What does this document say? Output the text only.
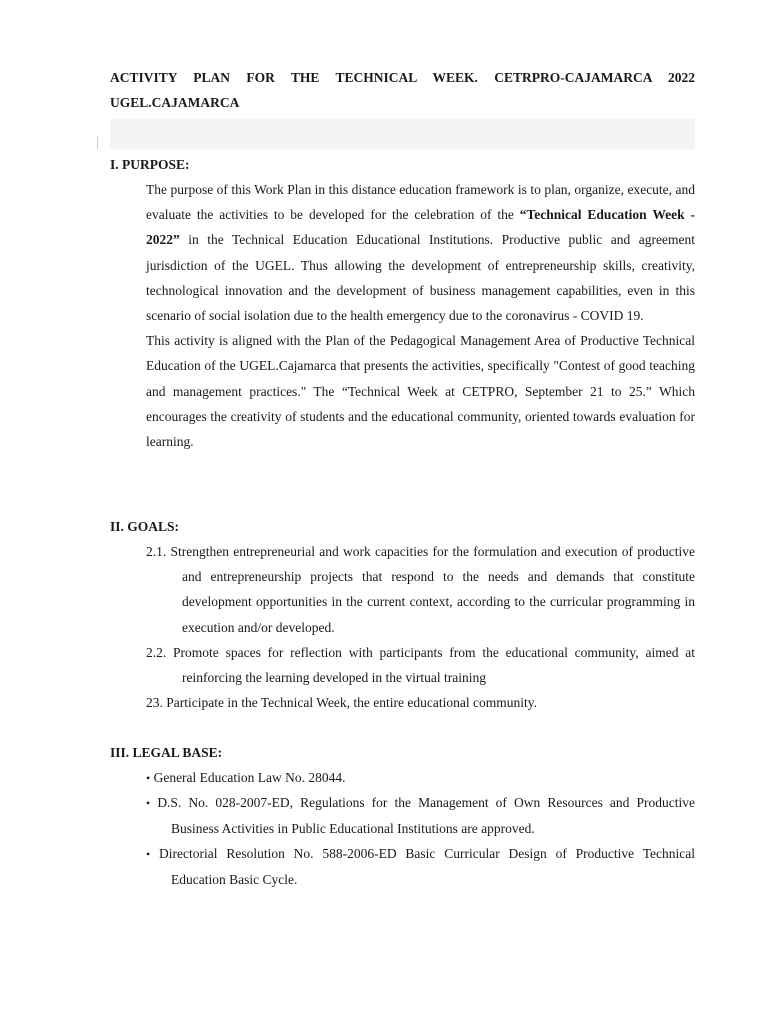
ACTIVITY PLAN FOR THE TECHNICAL WEEK. CETRPRO-CAJAMARCA 2022
UGEL.CAJAMARCA
I. PURPOSE:

The purpose of this Work Plan in this distance education framework is to plan, organize, execute, and evaluate the activities to be developed for the celebration of the “Technical Education Week - 2022” in the Technical Education Educational Institutions. Productive public and agreement jurisdiction of the UGEL. Thus allowing the development of entrepreneurship skills, creativity, technological innovation and the development of business management capabilities, even in this scenario of social isolation due to the health emergency due to the coronavirus - COVID 19.

This activity is aligned with the Plan of the Pedagogical Management Area of Productive Technical Education of the UGEL.Cajamarca that presents the activities, specifically "Contest of good teaching and management practices." The “Technical Week at CETPRO, September 21 to 25.” Which encourages the creativity of students and the educational community, oriented towards evaluation for learning.

II. GOALS:

2.1. Strengthen entrepreneurial and work capacities for the formulation and execution of productive and entrepreneurship projects that respond to the needs and demands that constitute development opportunities in the current context, according to the curricular programming in execution and/or developed.

2.2. Promote spaces for reflection with participants from the educational community, aimed at reinforcing the learning developed in the virtual training

23. Participate in the Technical Week, the entire educational community.

III. LEGAL BASE:

• General Education Law No. 28044.

• D.S. No. 028-2007-ED, Regulations for the Management of Own Resources and Productive Business Activities in Public Educational Institutions are approved.

• Directorial Resolution No. 588-2006-ED Basic Curricular Design of Productive Technical Education Basic Cycle.
